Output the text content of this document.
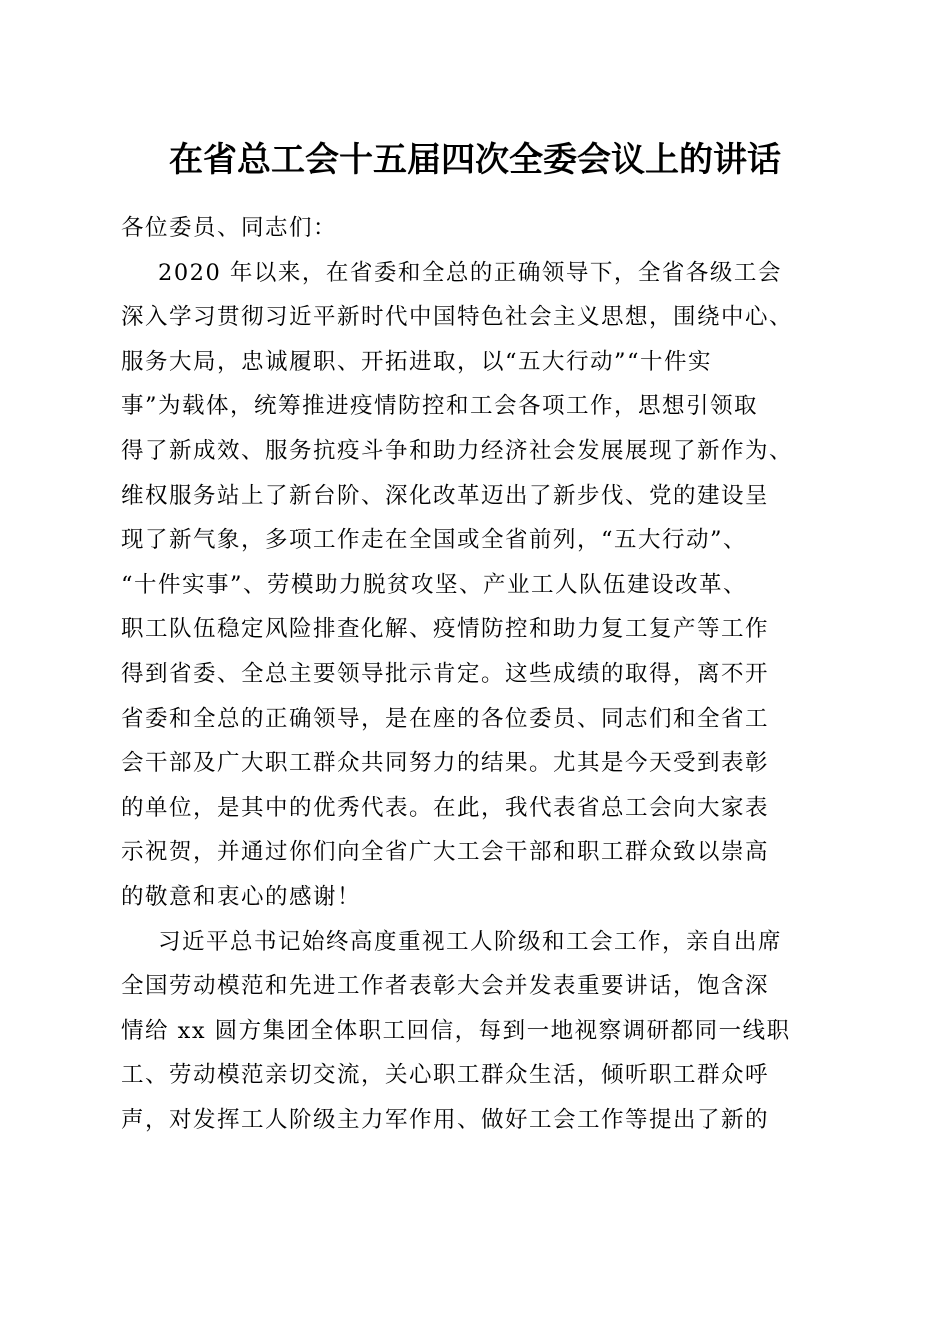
在省总工会十五届四次全委会议上的讲话
各位委员、同志们：
2020 年以来，在省委和全总的正确领导下，全省各级工会
深入学习贯彻习近平新时代中国特色社会主义思想，围绕中心、
服务大局，忠诚履职、开拓进取，以“五大行动”“十件实
事”为载体，统筹推进疫情防控和工会各项工作，思想引领取
得了新成效、服务抗疫斗争和助力经济社会发展展现了新作为、
维权服务站上了新台阶、深化改革迈出了新步伐、党的建设呈
现了新气象，多项工作走在全国或全省前列，“五大行动”、
“十件实事”、劳模助力脱贫攻坚、产业工人队伍建设改革、
职工队伍稳定风险排查化解、疫情防控和助力复工复产等工作
得到省委、全总主要领导批示肯定。这些成绩的取得，离不开
省委和全总的正确领导，是在座的各位委员、同志们和全省工
会干部及广大职工群众共同努力的结果。尤其是今天受到表彰
的单位，是其中的优秀代表。在此，我代表省总工会向大家表
示祝贺，并通过你们向全省广大工会干部和职工群众致以崇高
的敬意和衷心的感谢！
习近平总书记始终高度重视工人阶级和工会工作，亲自出席
全国劳动模范和先进工作者表彰大会并发表重要讲话，饱含深
情给 xx 圆方集团全体职工回信，每到一地视察调研都同一线职
工、劳动模范亲切交流，关心职工群众生活，倾听职工群众呼
声，对发挥工人阶级主力军作用、做好工会工作等提出了新的
